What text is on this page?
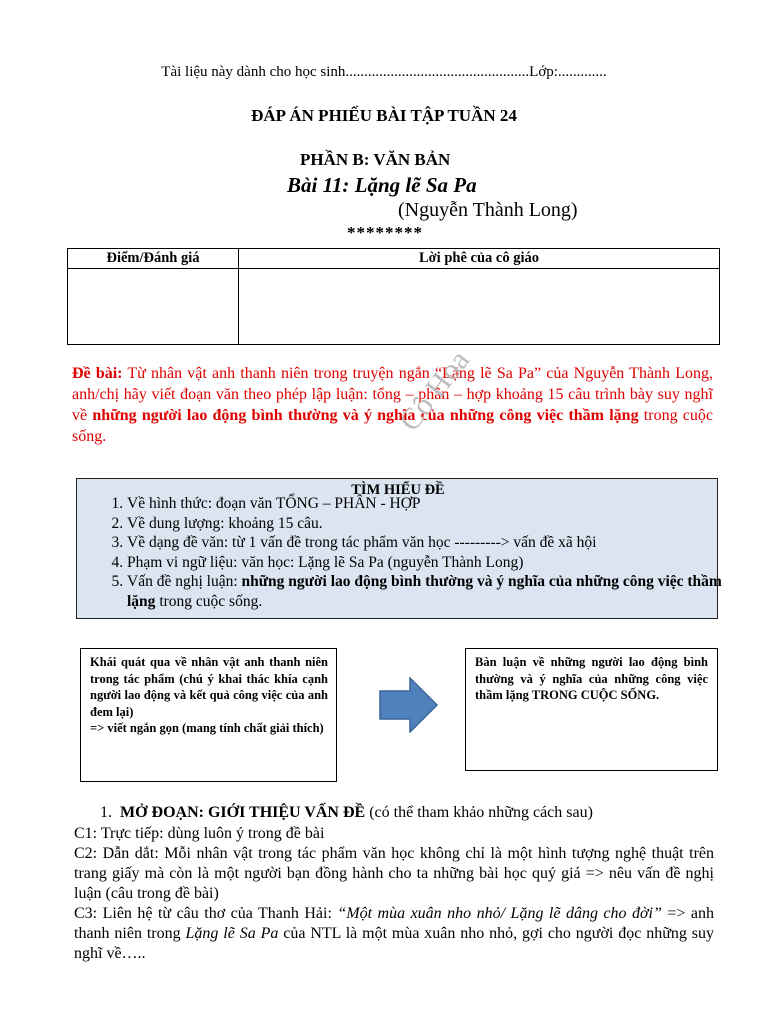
Tài liệu này dành cho học sinh.................................................Lớp:.............
ĐÁP ÁN PHIẾU BÀI TẬP TUẦN 24
PHẦN B: VĂN BẢN
Bài 11: Lặng lẽ Sa Pa
(Nguyễn Thành Long)
********
Điểm/Đánh giá	Lời phê của cô giáo

Đề bài: Từ nhân vật anh thanh niên trong truyện ngắn “Lặng lẽ Sa Pa” của Nguyễn Thành Long, anh/chị hãy viết đoạn văn theo phép lập luận: tổng – phân – hợp khoảng 15 câu trình bày suy nghĩ về những người lao động bình thường và ý nghĩa của những công việc thầm lặng trong cuộc sống.	Cô Hoa
TÌM HIỂU ĐỀ
1. Về hình thức: đoạn văn TỔNG – PHÂN - HỢP
2. Về dung lượng: khoảng 15 câu.
3. Về dạng đề văn: từ 1 vấn đề trong tác phẩm văn học ---------> vấn đề xã hội
4. Phạm vi ngữ liệu: văn học: Lặng lẽ Sa Pa (nguyễn Thành Long)
5. Vấn đề nghị luận: những người lao động bình thường và ý nghĩa của những công việc thầm lặng trong cuộc sống.
Khái quát qua về nhân vật anh thanh niên trong tác phẩm (chú ý khai thác khía cạnh người lao động và kết quả công việc của anh đem lại)
=> viết ngắn gọn (mang tính chất giải thích)
Bàn luận về những người lao động bình thường và ý nghĩa của những công việc thầm lặng TRONG CUỘC SỐNG.
1. MỞ ĐOẠN: GIỚI THIỆU VẤN ĐỀ (có thể tham khảo những cách sau)
C1: Trực tiếp: dùng luôn ý trong đề bài
C2: Dẫn dắt: Mỗi nhân vật trong tác phẩm văn học không chỉ là một hình tượng nghệ thuật trên trang giấy mà còn là một người bạn đồng hành cho ta những bài học quý giá => nêu vấn đề nghị luận (câu trong đề bài)
C3: Liên hệ từ câu thơ của Thanh Hải: “Một mùa xuân nho nhỏ/ Lặng lẽ dâng cho đời” => anh thanh niên trong Lặng lẽ Sa Pa của NTL là một mùa xuân nho nhỏ, gợi cho người đọc những suy nghĩ về…..
